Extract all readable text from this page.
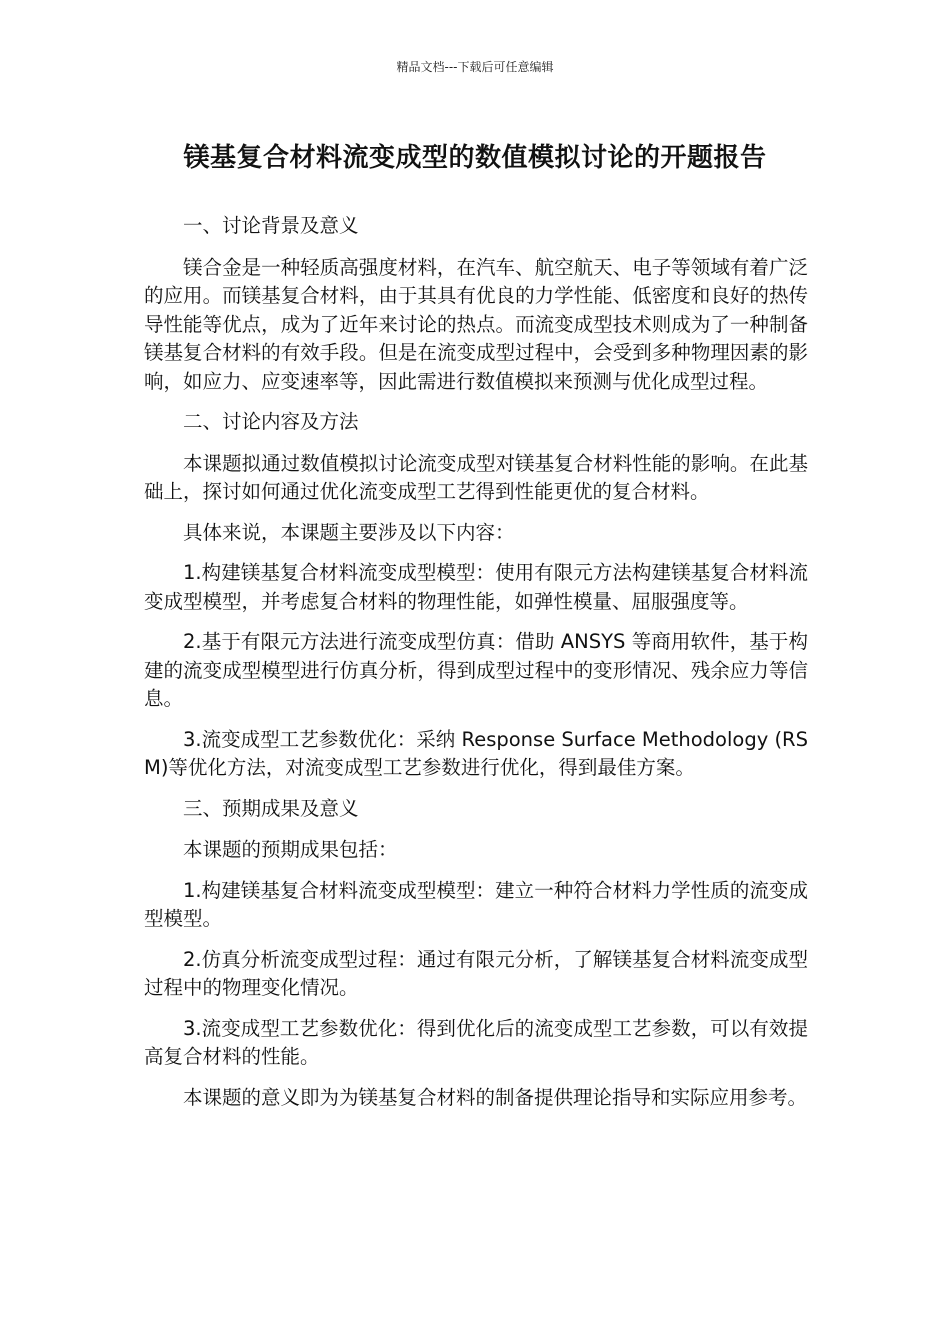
精品文档---下载后可任意编辑
镁基复合材料流变成型的数值模拟讨论的开题报告

一、讨论背景及意义

镁合金是一种轻质高强度材料，在汽车、航空航天、电子等领域有着广泛的应用。而镁基复合材料，由于其具有优良的力学性能、低密度和良好的热传导性能等优点，成为了近年来讨论的热点。而流变成型技术则成为了一种制备镁基复合材料的有效手段。但是在流变成型过程中，会受到多种物理因素的影响，如应力、应变速率等，因此需进行数值模拟来预测与优化成型过程。

二、讨论内容及方法

本课题拟通过数值模拟讨论流变成型对镁基复合材料性能的影响。在此基础上，探讨如何通过优化流变成型工艺得到性能更优的复合材料。

具体来说，本课题主要涉及以下内容：

1.构建镁基复合材料流变成型模型：使用有限元方法构建镁基复合材料流变成型模型，并考虑复合材料的物理性能，如弹性模量、屈服强度等。

2.基于有限元方法进行流变成型仿真：借助 ANSYS 等商用软件，基于构建的流变成型模型进行仿真分析，得到成型过程中的变形情况、残余应力等信息。

3.流变成型工艺参数优化：采纳 Response Surface Methodology (RSM)等优化方法，对流变成型工艺参数进行优化，得到最佳方案。

三、预期成果及意义

本课题的预期成果包括：

1.构建镁基复合材料流变成型模型：建立一种符合材料力学性质的流变成型模型。

2.仿真分析流变成型过程：通过有限元分析，了解镁基复合材料流变成型过程中的物理变化情况。

3.流变成型工艺参数优化：得到优化后的流变成型工艺参数，可以有效提高复合材料的性能。

本课题的意义即为为镁基复合材料的制备提供理论指导和实际应用参考。
